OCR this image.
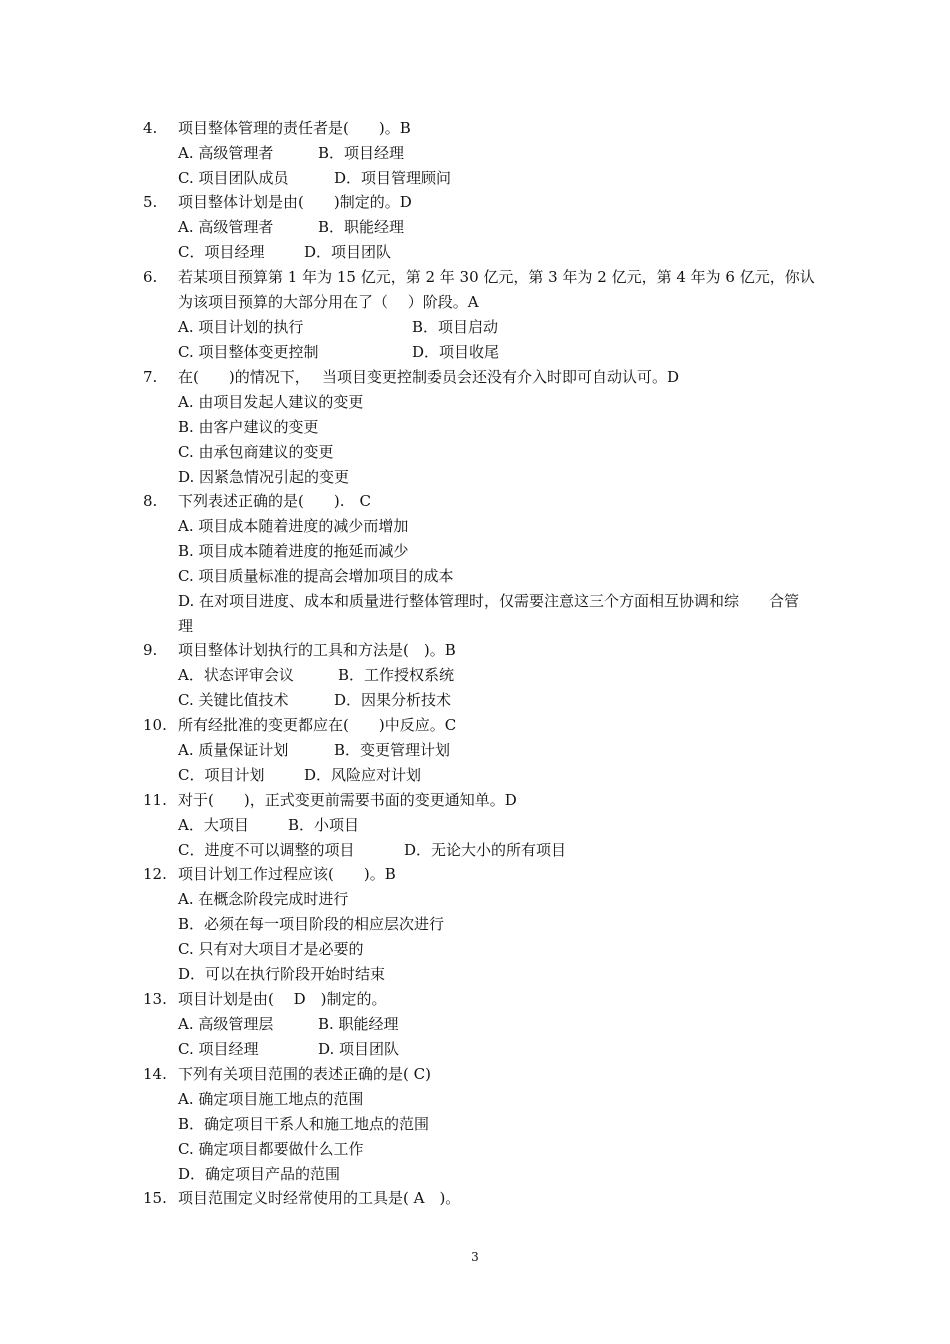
4.	项目整体管理的责任者是(　　)。B
A. 高级管理者	B．项目经理
C. 项目团队成员	D．项目管理顾问
5.	项目整体计划是由(　　)制定的。D
A. 高级管理者	B．职能经理
C．项目经理	D．项目团队
6.	若某项目预算第 1 年为 15 亿元，第 2 年 30 亿元，第 3 年为 2 亿元，第 4 年为 6 亿元，你认为该项目预算的大部分用在了（　 ）阶段。A
A. 项目计划的执行	B．项目启动
C. 项目整体变更控制	D．项目收尾
7.	在(　　)的情况下，　 当项目变更控制委员会还没有介入时即可自动认可。D
A. 由项目发起人建议的变更
B. 由客户建议的变更
C. 由承包商建议的变更
D. 因紧急情况引起的变更
8.	下列表述正确的是(　　).　C
A. 项目成本随着进度的减少而增加
B. 项目成本随着进度的拖延而减少
C. 项目质量标准的提高会增加项目的成本
D. 在对项目进度、成本和质量进行整体管理时，仅需要注意这三个方面相互协调和综　　合管理
9.	项目整体计划执行的工具和方法是(　)。B
A．状态评审会议	B．工作授权系统
C. 关键比值技术	D．因果分析技术
10. 所有经批准的变更都应在(　　)中反应。C
A. 质量保证计划	B．变更管理计划
C．项目计划	D．风险应对计划
11. 对于(　　)，正式变更前需要书面的变更通知单。D
A．大项目	B．小项目
C．进度不可以调整的项目	D．无论大小的所有项目
12. 项目计划工作过程应该(　　)。B
A. 在概念阶段完成时进行
B．必须在每一项目阶段的相应层次进行
C. 只有对大项目才是必要的
D．可以在执行阶段开始时结束
13. 项目计划是由(　 D　)制定的。
A. 高级管理层	B. 职能经理
C. 项目经理	D. 项目团队
14. 下列有关项目范围的表述正确的是( C)
A. 确定项目施工地点的范围
B．确定项目干系人和施工地点的范围
C. 确定项目都要做什么工作
D．确定项目产品的范围
15. 项目范围定义时经常使用的工具是( A　)。
3
